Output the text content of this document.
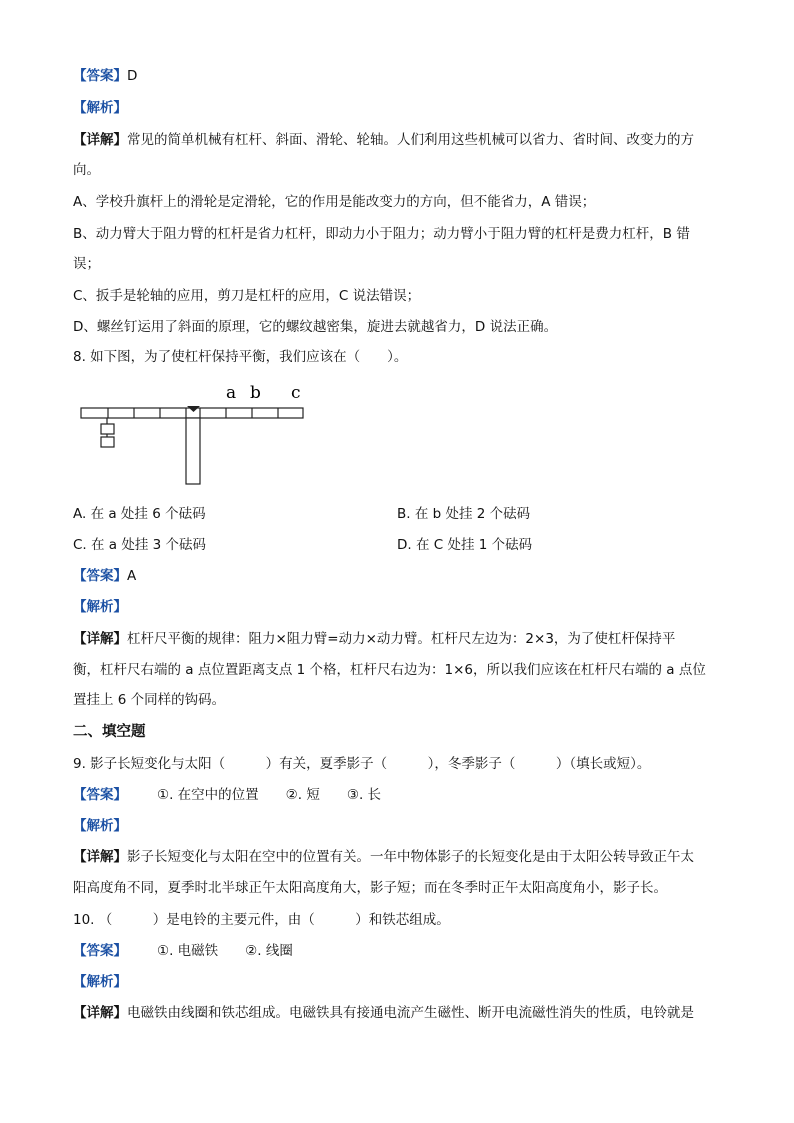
【答案】D
【解析】
【详解】常见的简单机械有杠杆、斜面、滑轮、轮轴。人们利用这些机械可以省力、省时间、改变力的方
向。
A、学校升旗杆上的滑轮是定滑轮，它的作用是能改变力的方向，但不能省力，A 错误；
B、动力臂大于阻力臂的杠杆是省力杠杆，即动力小于阻力；动力臂小于阻力臂的杠杆是费力杠杆，B 错
误；
C、扳手是轮轴的应用，剪刀是杠杆的应用，C 说法错误；
D、螺丝钉运用了斜面的原理，它的螺纹越密集，旋进去就越省力，D 说法正确。
8. 如下图，为了使杠杆保持平衡，我们应该在（　　）。
a b c
A. 在 a 处挂 6 个砝码	B. 在 b 处挂 2 个砝码
C. 在 a 处挂 3 个砝码	D. 在 C 处挂 1 个砝码
【答案】A
【解析】
【详解】杠杆尺平衡的规律：阻力×阻力臂=动力×动力臂。杠杆尺左边为：2×3，为了使杠杆保持平
衡，杠杆尺右端的 a 点位置距离支点 1 个格，杠杆尺右边为：1×6，所以我们应该在杠杆尺右端的 a 点位
置挂上 6 个同样的钩码。
二、填空题
9. 影子长短变化与太阳（　　　）有关，夏季影子（　　　），冬季影子（　　　）（填长或短）。
【答案】 ①. 在空中的位置　　②. 短　　③. 长
【解析】
【详解】影子长短变化与太阳在空中的位置有关。一年中物体影子的长短变化是由于太阳公转导致正午太
阳高度角不同，夏季时北半球正午太阳高度角大，影子短；而在冬季时正午太阳高度角小，影子长。
10. （　　　）是电铃的主要元件，由（　　　）和铁芯组成。
【答案】 ①. 电磁铁　　②. 线圈
【解析】
【详解】电磁铁由线圈和铁芯组成。电磁铁具有接通电流产生磁性、断开电流磁性消失的性质，电铃就是
